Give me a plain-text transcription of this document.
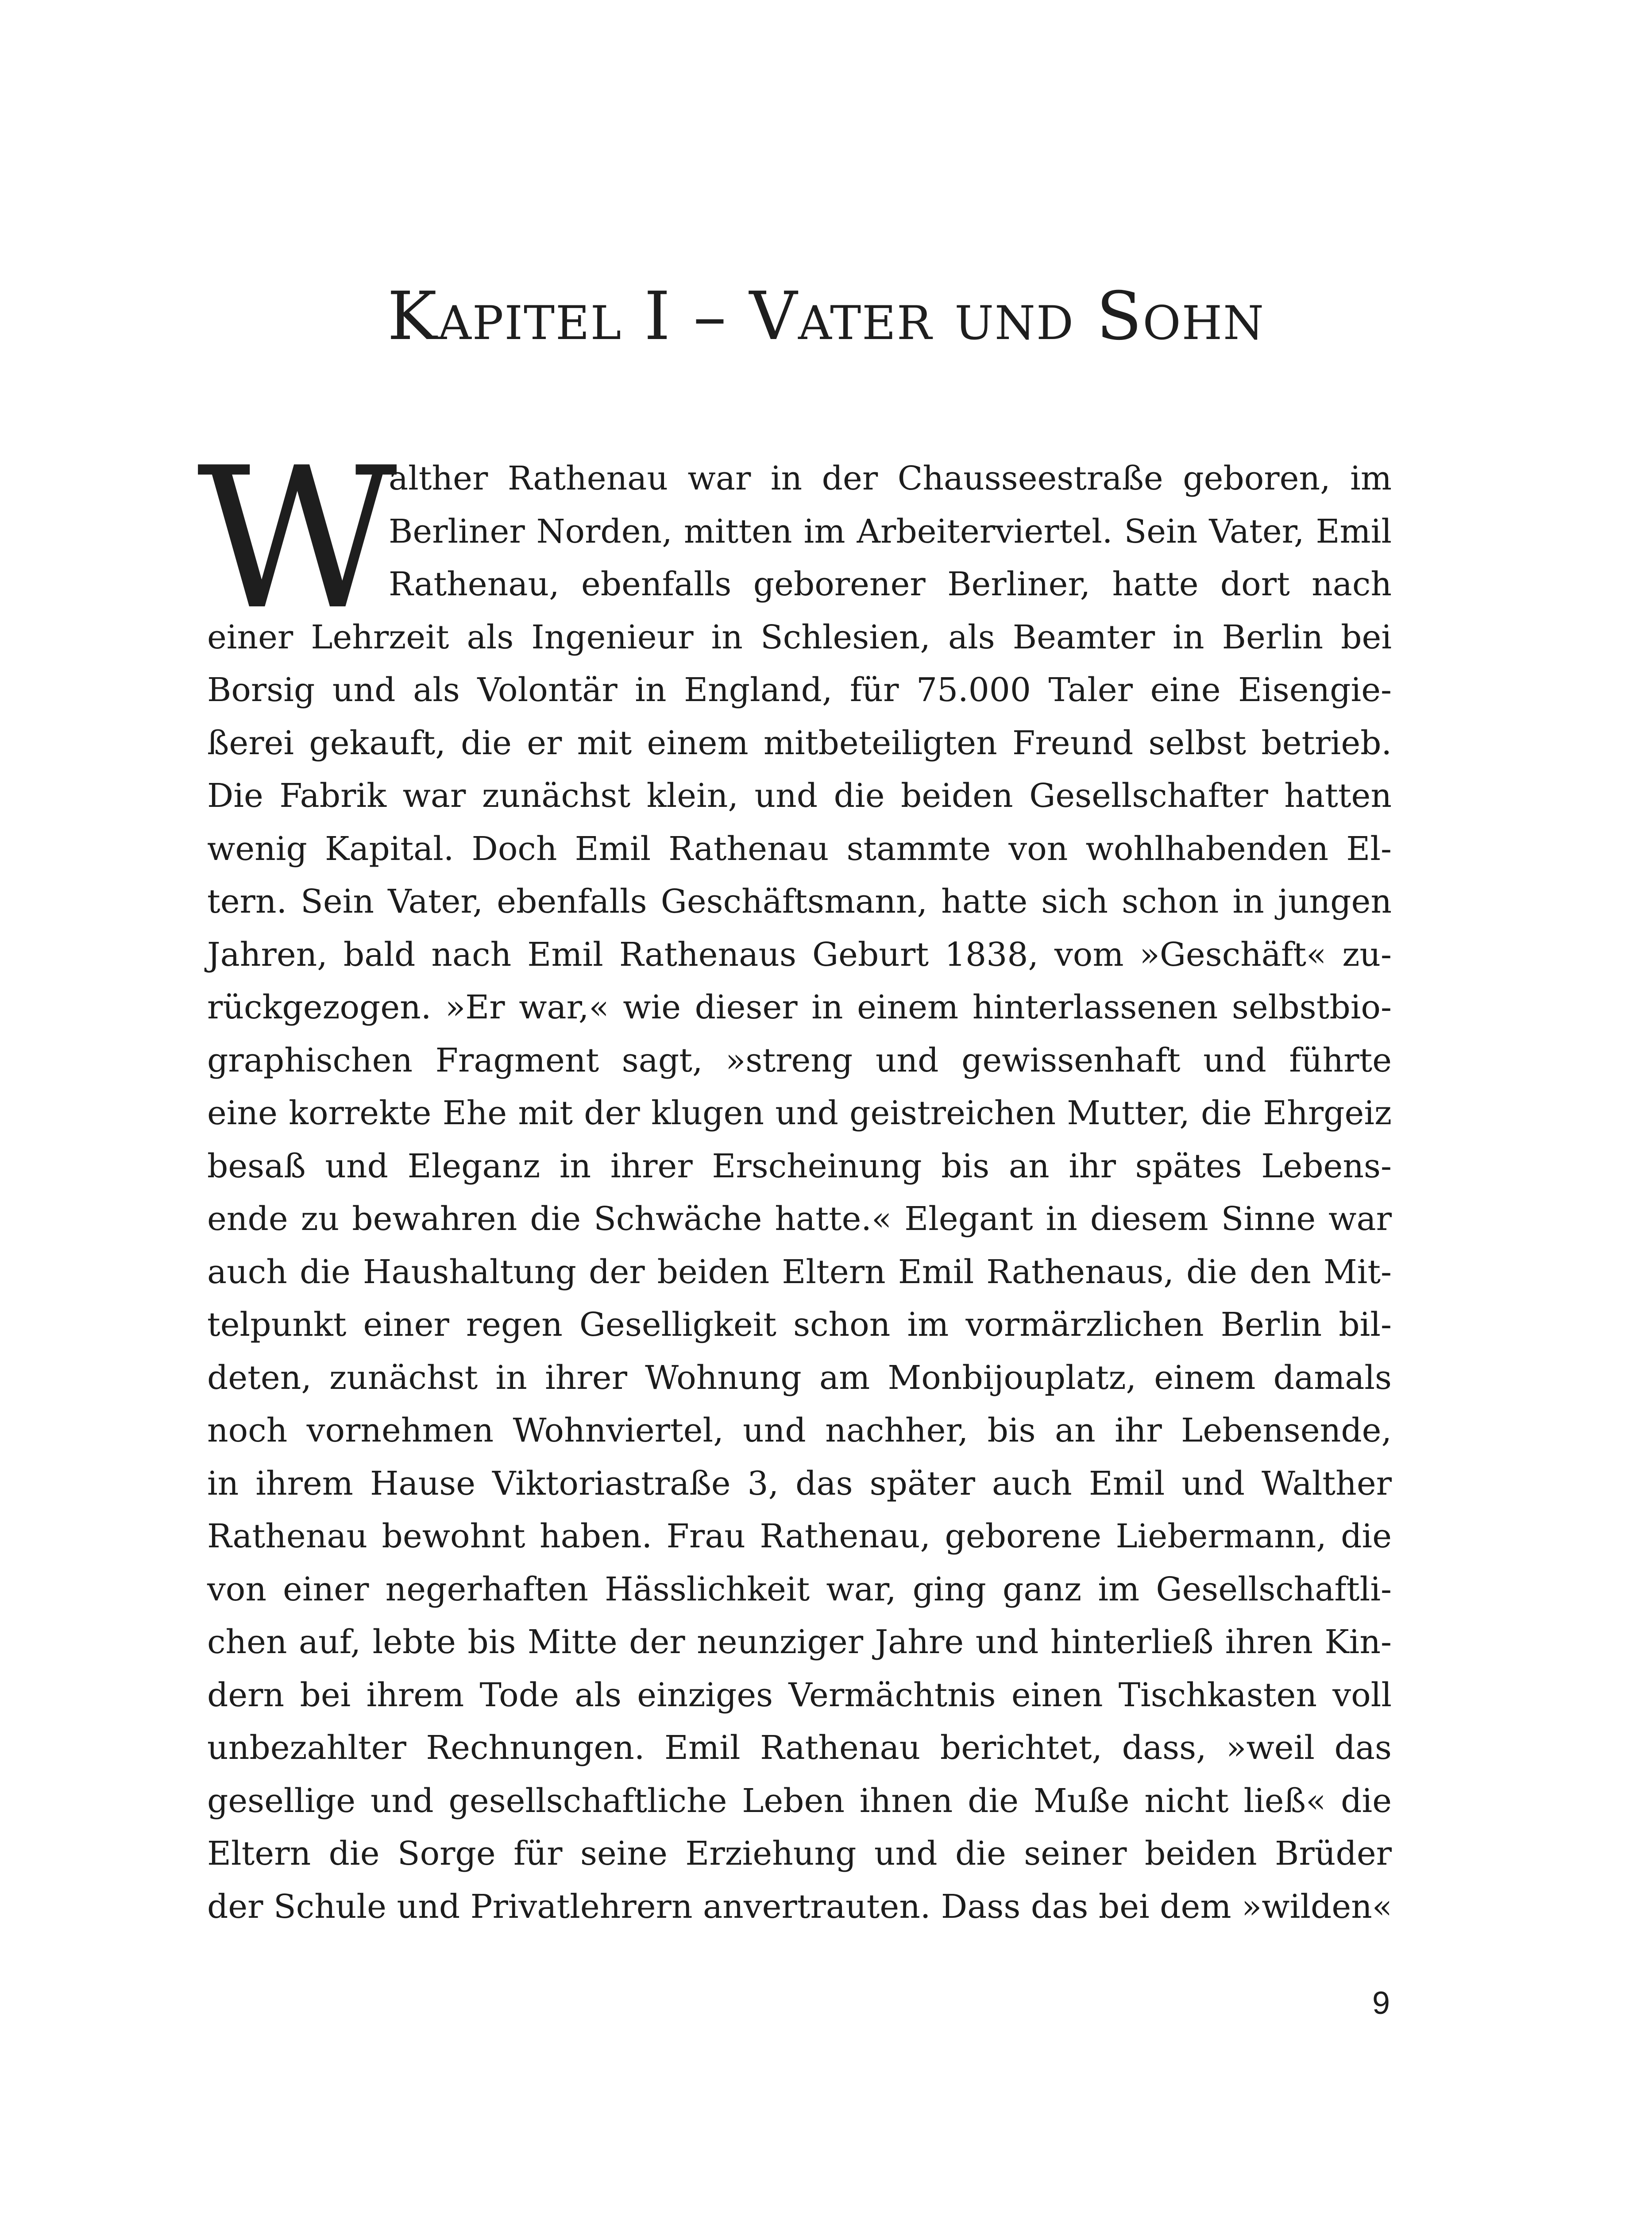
Kapitel I – Vater und Sohn
W
alther Rathenau war in der Chausseestraße geboren, im
Berliner Norden, mitten im Arbeiterviertel. Sein Vater, Emil
Rathenau, ebenfalls geborener Berliner, hatte dort nach
einer Lehrzeit als Ingenieur in Schlesien, als Beamter in Berlin bei
Borsig und als Volontär in England, für 75.000 Taler eine Eisengie-
ßerei gekauft, die er mit einem mitbeteiligten Freund selbst betrieb.
Die Fabrik war zunächst klein, und die beiden Gesellschafter hatten
wenig Kapital. Doch Emil Rathenau stammte von wohlhabenden El-
tern. Sein Vater, ebenfalls Geschäftsmann, hatte sich schon in jungen
Jahren, bald nach Emil Rathenaus Geburt 1838, vom »Geschäft« zu-
rückgezogen. »Er war,« wie dieser in einem hinterlassenen selbstbio-
graphischen Fragment sagt, »streng und gewissenhaft und führte
eine korrekte Ehe mit der klugen und geistreichen Mutter, die Ehrgeiz
besaß und Eleganz in ihrer Erscheinung bis an ihr spätes Lebens-
ende zu bewahren die Schwäche hatte.« Elegant in diesem Sinne war
auch die Haushaltung der beiden Eltern Emil Rathenaus, die den Mit-
telpunkt einer regen Geselligkeit schon im vormärzlichen Berlin bil-
deten, zunächst in ihrer Wohnung am Monbijouplatz, einem damals
noch vornehmen Wohnviertel, und nachher, bis an ihr Lebensende,
in ihrem Hause Viktoriastraße 3, das später auch Emil und Walther
Rathenau bewohnt haben. Frau Rathenau, geborene Liebermann, die
von einer negerhaften Hässlichkeit war, ging ganz im Gesellschaftli-
chen auf, lebte bis Mitte der neunziger Jahre und hinterließ ihren Kin-
dern bei ihrem Tode als einziges Vermächtnis einen Tischkasten voll
unbezahlter Rechnungen. Emil Rathenau berichtet, dass, »weil das
gesellige und gesellschaftliche Leben ihnen die Muße nicht ließ« die
Eltern die Sorge für seine Erziehung und die seiner beiden Brüder
der Schule und Privatlehrern anvertrauten. Dass das bei dem »wilden«
9
